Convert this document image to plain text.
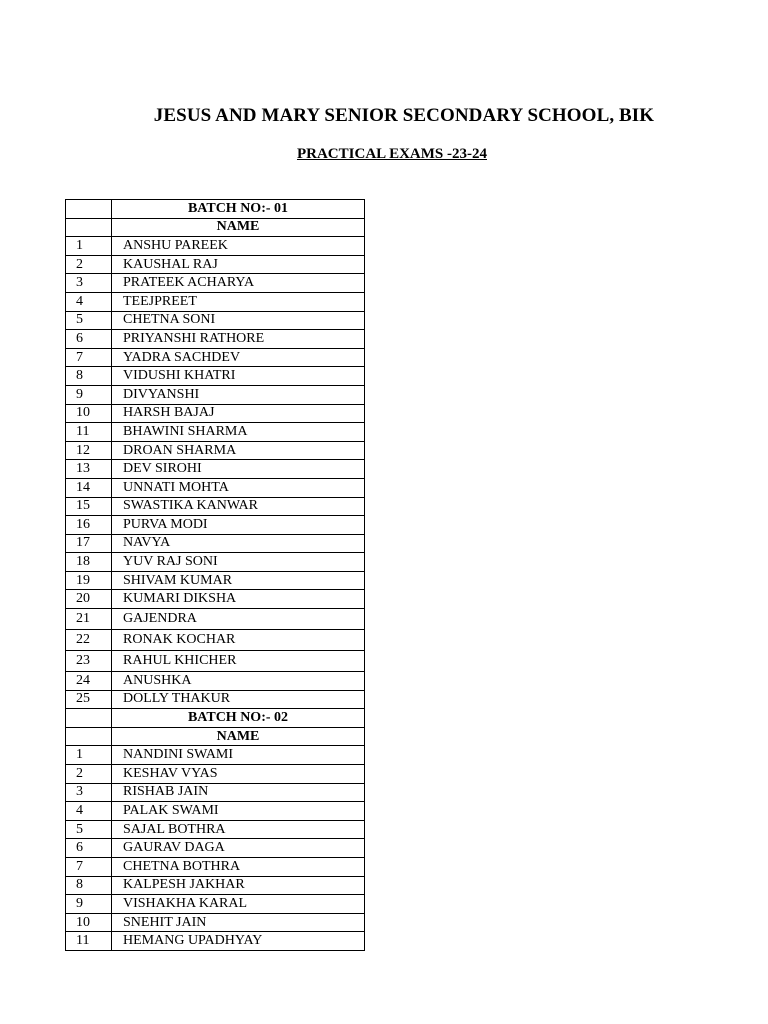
JESUS AND MARY SENIOR SECONDARY SCHOOL, BIK
PRACTICAL EXAMS -23-24
	BATCH NO:- 01
	NAME
1	ANSHU PAREEK
2	KAUSHAL RAJ
3	PRATEEK ACHARYA
4	TEEJPREET
5	CHETNA SONI
6	PRIYANSHI RATHORE
7	YADRA SACHDEV
8	VIDUSHI KHATRI
9	DIVYANSHI
10	HARSH BAJAJ
11	BHAWINI SHARMA
12	DROAN SHARMA
13	DEV SIROHI
14	UNNATI MOHTA
15	SWASTIKA KANWAR
16	PURVA MODI
17	NAVYA
18	YUV RAJ SONI
19	SHIVAM KUMAR
20	KUMARI DIKSHA
21	GAJENDRA
22	RONAK KOCHAR
23	RAHUL KHICHER
24	ANUSHKA
25	DOLLY THAKUR
	BATCH NO:- 02
	NAME
1	NANDINI SWAMI
2	KESHAV VYAS
3	RISHAB JAIN
4	PALAK SWAMI
5	SAJAL BOTHRA
6	GAURAV DAGA
7	CHETNA BOTHRA
8	KALPESH JAKHAR
9	VISHAKHA KARAL
10	SNEHIT JAIN
11	HEMANG UPADHYAY
